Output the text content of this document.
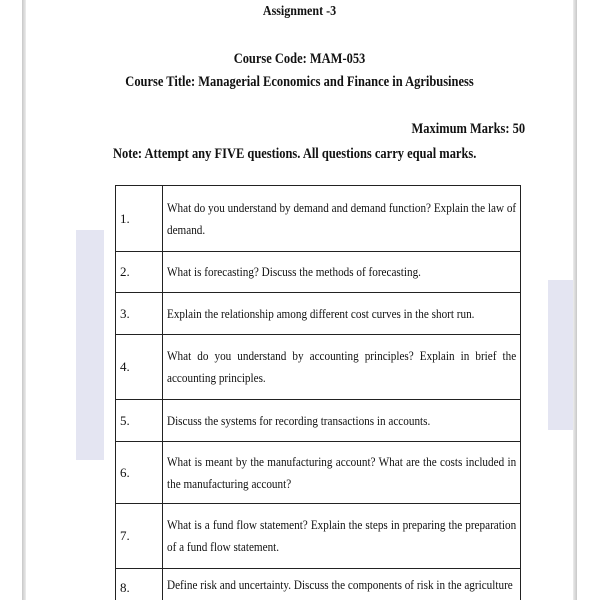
Assignment -3
Course Code: MAM-053
Course Title: Managerial Economics and Finance in Agribusiness
Maximum Marks: 50
Note: Attempt any FIVE questions. All questions carry equal marks.
1.	What do you understand by demand and demand function? Explain the law of demand.
2.	What is forecasting? Discuss the methods of forecasting.
3.	Explain the relationship among different cost curves in the short run.
4.	What do you understand by accounting principles? Explain in brief the accounting principles.
5.	Discuss the systems for recording transactions in accounts.
6.	What is meant by the manufacturing account? What are the costs included in the manufacturing account?
7.	What is a fund flow statement? Explain the steps in preparing the preparation of a fund flow statement.
8.	Define risk and uncertainty. Discuss the components of risk in the agriculture
